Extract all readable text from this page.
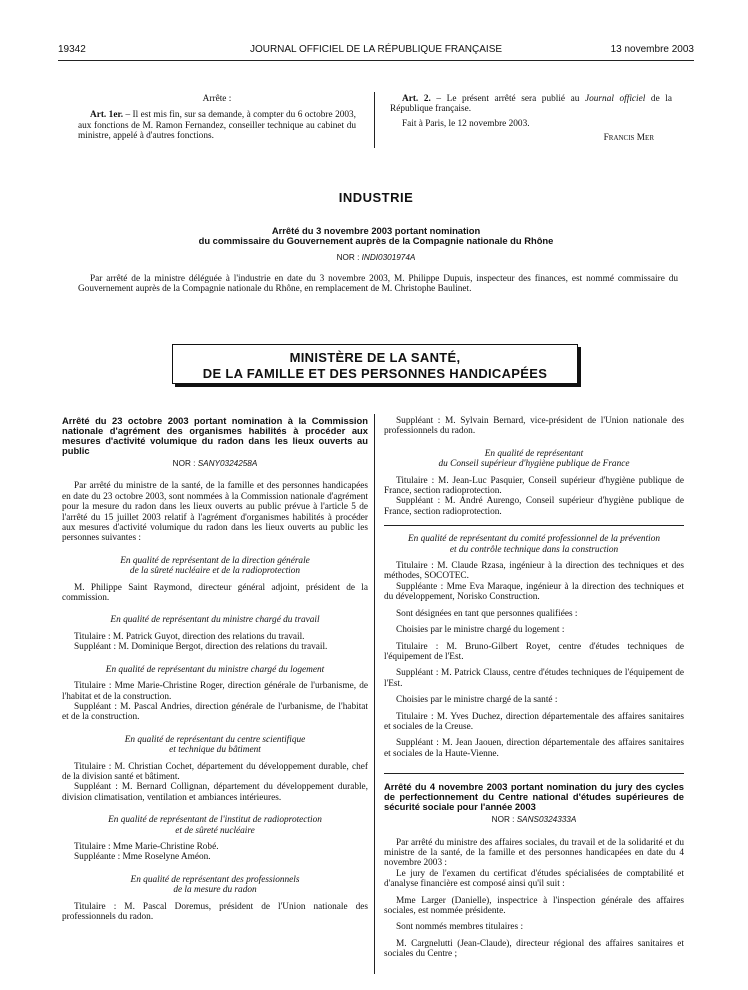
19342	JOURNAL OFFICIEL DE LA RÉPUBLIQUE FRANÇAISE	13 novembre 2003

Arrête :

Art. 1er. – Il est mis fin, sur sa demande, à compter du 6 octobre 2003, aux fonctions de M. Ramon Fernandez, conseiller technique au cabinet du ministre, appelé à d'autres fonctions.

Art. 2. – Le présent arrêté sera publié au Journal officiel de la République française.

Fait à Paris, le 12 novembre 2003.

Francis Mer

INDUSTRIE
Arrêté du 3 novembre 2003 portant nomination
du commissaire du Gouvernement auprès de la Compagnie nationale du Rhône
NOR : INDI0301974A
Par arrêté de la ministre déléguée à l'industrie en date du 3 novembre 2003, M. Philippe Dupuis, inspecteur des finances, est nommé commissaire du Gouvernement auprès de la Compagnie nationale du Rhône, en remplacement de M. Christophe Baulinet.
MINISTÈRE DE LA SANTÉ,
DE LA FAMILLE ET DES PERSONNES HANDICAPÉES

Arrêté du 23 octobre 2003 portant nomination à la Commission nationale d'agrément des organismes habilités à procéder aux mesures d'activité volumique du radon dans les lieux ouverts au public

NOR : SANY0324258A

Par arrêté du ministre de la santé, de la famille et des personnes handicapées en date du 23 octobre 2003, sont nommées à la Commission nationale d'agrément pour la mesure du radon dans les lieux ouverts au public prévue à l'article 5 de l'arrêté du 15 juillet 2003 relatif à l'agrément d'organismes habilités à procéder aux mesures d'activité volumique du radon dans les lieux ouverts au public les personnes suivantes :

En qualité de représentant de la direction générale
de la sûreté nucléaire et de la radioprotection

M. Philippe Saint Raymond, directeur général adjoint, président de la commission.

En qualité de représentant du ministre chargé du travail

Titulaire : M. Patrick Guyot, direction des relations du travail.

Suppléant : M. Dominique Bergot, direction des relations du travail.

En qualité de représentant du ministre chargé du logement

Titulaire : Mme Marie-Christine Roger, direction générale de l'urbanisme, de l'habitat et de la construction.

Suppléant : M. Pascal Andries, direction générale de l'urbanisme, de l'habitat et de la construction.

En qualité de représentant du centre scientifique
et technique du bâtiment

Titulaire : M. Christian Cochet, département du développement durable, chef de la division santé et bâtiment.

Suppléant : M. Bernard Collignan, département du développement durable, division climatisation, ventilation et ambiances intérieures.

En qualité de représentant de l'institut de radioprotection
et de sûreté nucléaire

Titulaire : Mme Marie-Christine Robé.

Suppléante : Mme Roselyne Améon.

En qualité de représentant des professionnels
de la mesure du radon

Titulaire : M. Pascal Doremus, président de l'Union nationale des professionnels du radon.

Suppléant : M. Sylvain Bernard, vice-président de l'Union nationale des professionnels du radon.

En qualité de représentant
du Conseil supérieur d'hygiène publique de France

Titulaire : M. Jean-Luc Pasquier, Conseil supérieur d'hygiène publique de France, section radioprotection.

Suppléant : M. André Aurengo, Conseil supérieur d'hygiène publique de France, section radioprotection.

En qualité de représentant du comité professionnel de la prévention
et du contrôle technique dans la construction

Titulaire : M. Claude Rzasa, ingénieur à la direction des techniques et des méthodes, SOCOTEC.

Suppléante : Mme Eva Maraque, ingénieur à la direction des techniques et du développement, Norisko Construction.

Sont désignées en tant que personnes qualifiées :

Choisies par le ministre chargé du logement :

Titulaire : M. Bruno-Gilbert Royet, centre d'études techniques de l'équipement de l'Est.

Suppléant : M. Patrick Clauss, centre d'études techniques de l'équipement de l'Est.

Choisies par le ministre chargé de la santé :

Titulaire : M. Yves Duchez, direction départementale des affaires sanitaires et sociales de la Creuse.

Suppléant : M. Jean Jaouen, direction départementale des affaires sanitaires et sociales de la Haute-Vienne.

Arrêté du 4 novembre 2003 portant nomination du jury des cycles de perfectionnement du Centre national d'études supérieures de sécurité sociale pour l'année 2003

NOR : SANS0324333A

Par arrêté du ministre des affaires sociales, du travail et de la solidarité et du ministre de la santé, de la famille et des personnes handicapées en date du 4 novembre 2003 :

Le jury de l'examen du certificat d'études spécialisées de comptabilité et d'analyse financière est composé ainsi qu'il suit :

Mme Larger (Danielle), inspectrice à l'inspection générale des affaires sociales, est nommée présidente.

Sont nommés membres titulaires :

M. Cargnelutti (Jean-Claude), directeur régional des affaires sanitaires et sociales du Centre ;
